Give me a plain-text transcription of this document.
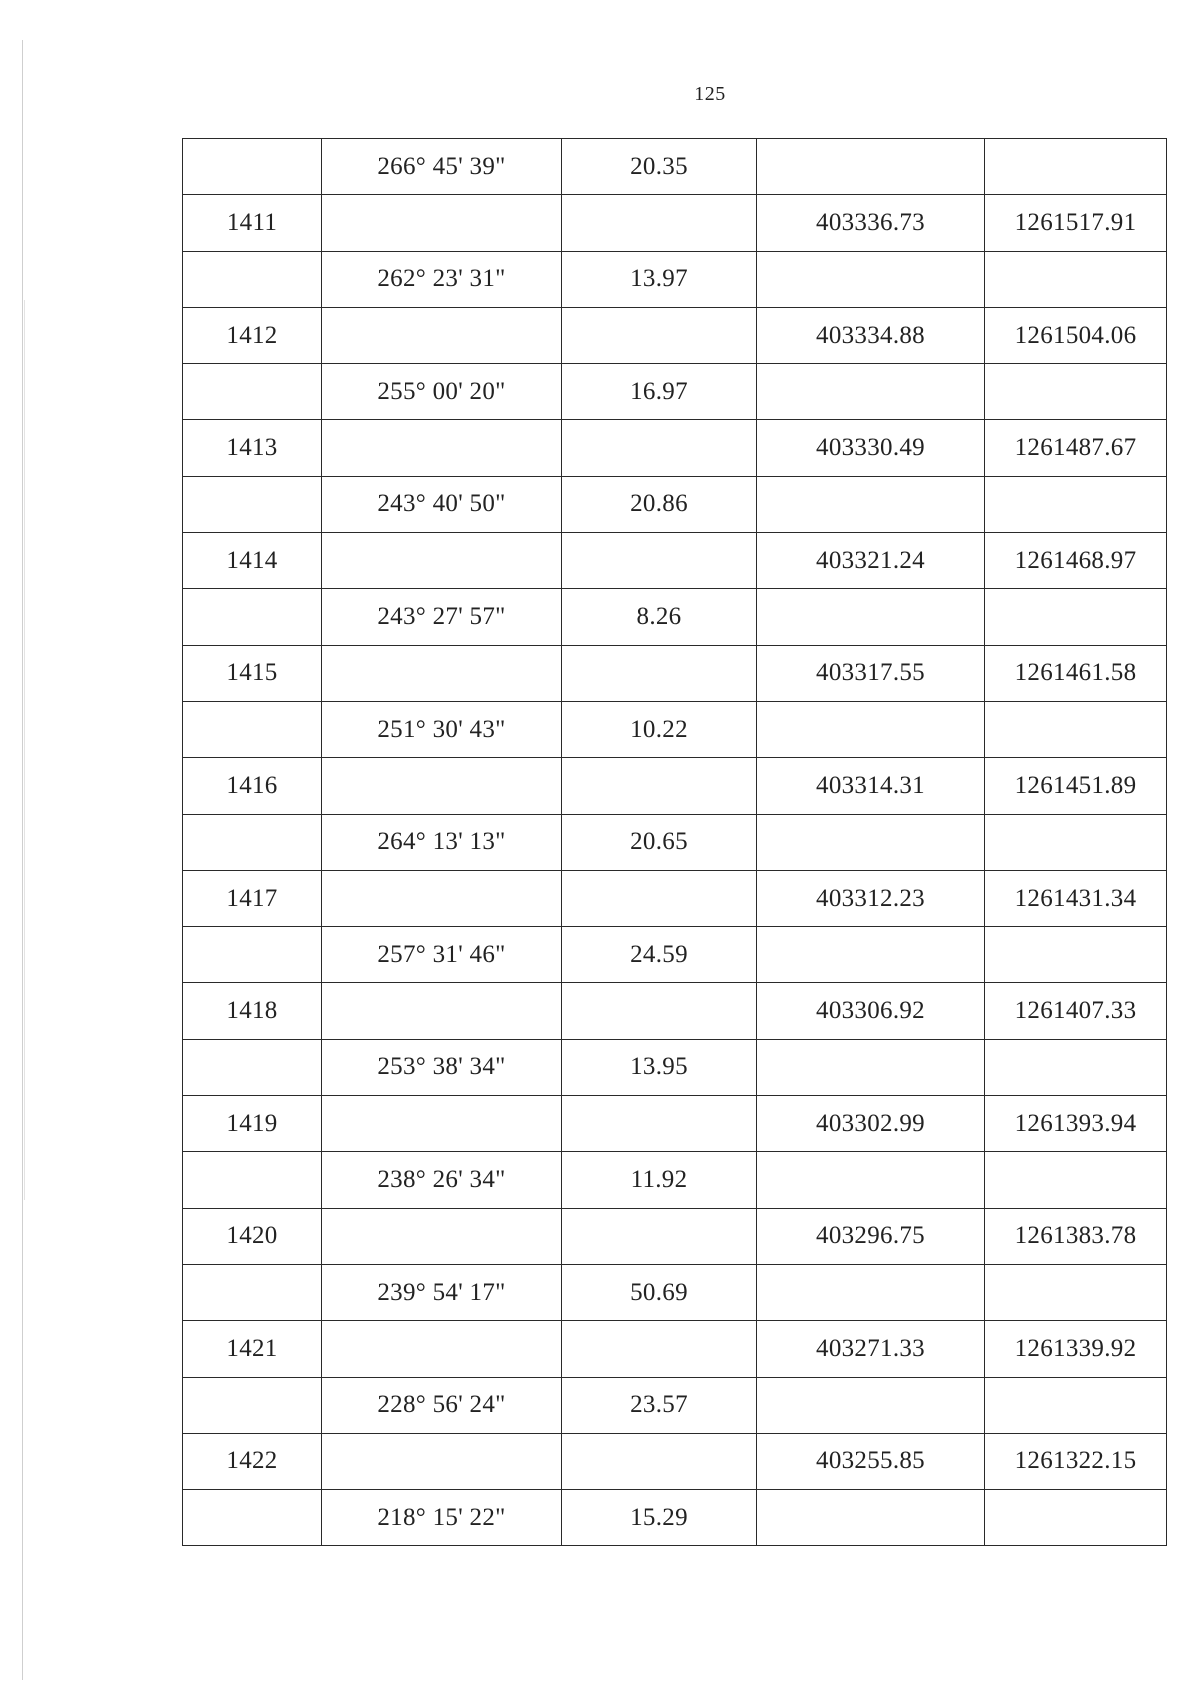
125
	266° 45' 39"	20.35		
1411			403336.73	1261517.91
	262° 23' 31"	13.97		
1412			403334.88	1261504.06
	255° 00' 20"	16.97		
1413			403330.49	1261487.67
	243° 40' 50"	20.86		
1414			403321.24	1261468.97
	243° 27' 57"	8.26		
1415			403317.55	1261461.58
	251° 30' 43"	10.22		
1416			403314.31	1261451.89
	264° 13' 13"	20.65		
1417			403312.23	1261431.34
	257° 31' 46"	24.59		
1418			403306.92	1261407.33
	253° 38' 34"	13.95		
1419			403302.99	1261393.94
	238° 26' 34"	11.92		
1420			403296.75	1261383.78
	239° 54' 17"	50.69		
1421			403271.33	1261339.92
	228° 56' 24"	23.57		
1422			403255.85	1261322.15
	218° 15' 22"	15.29		
